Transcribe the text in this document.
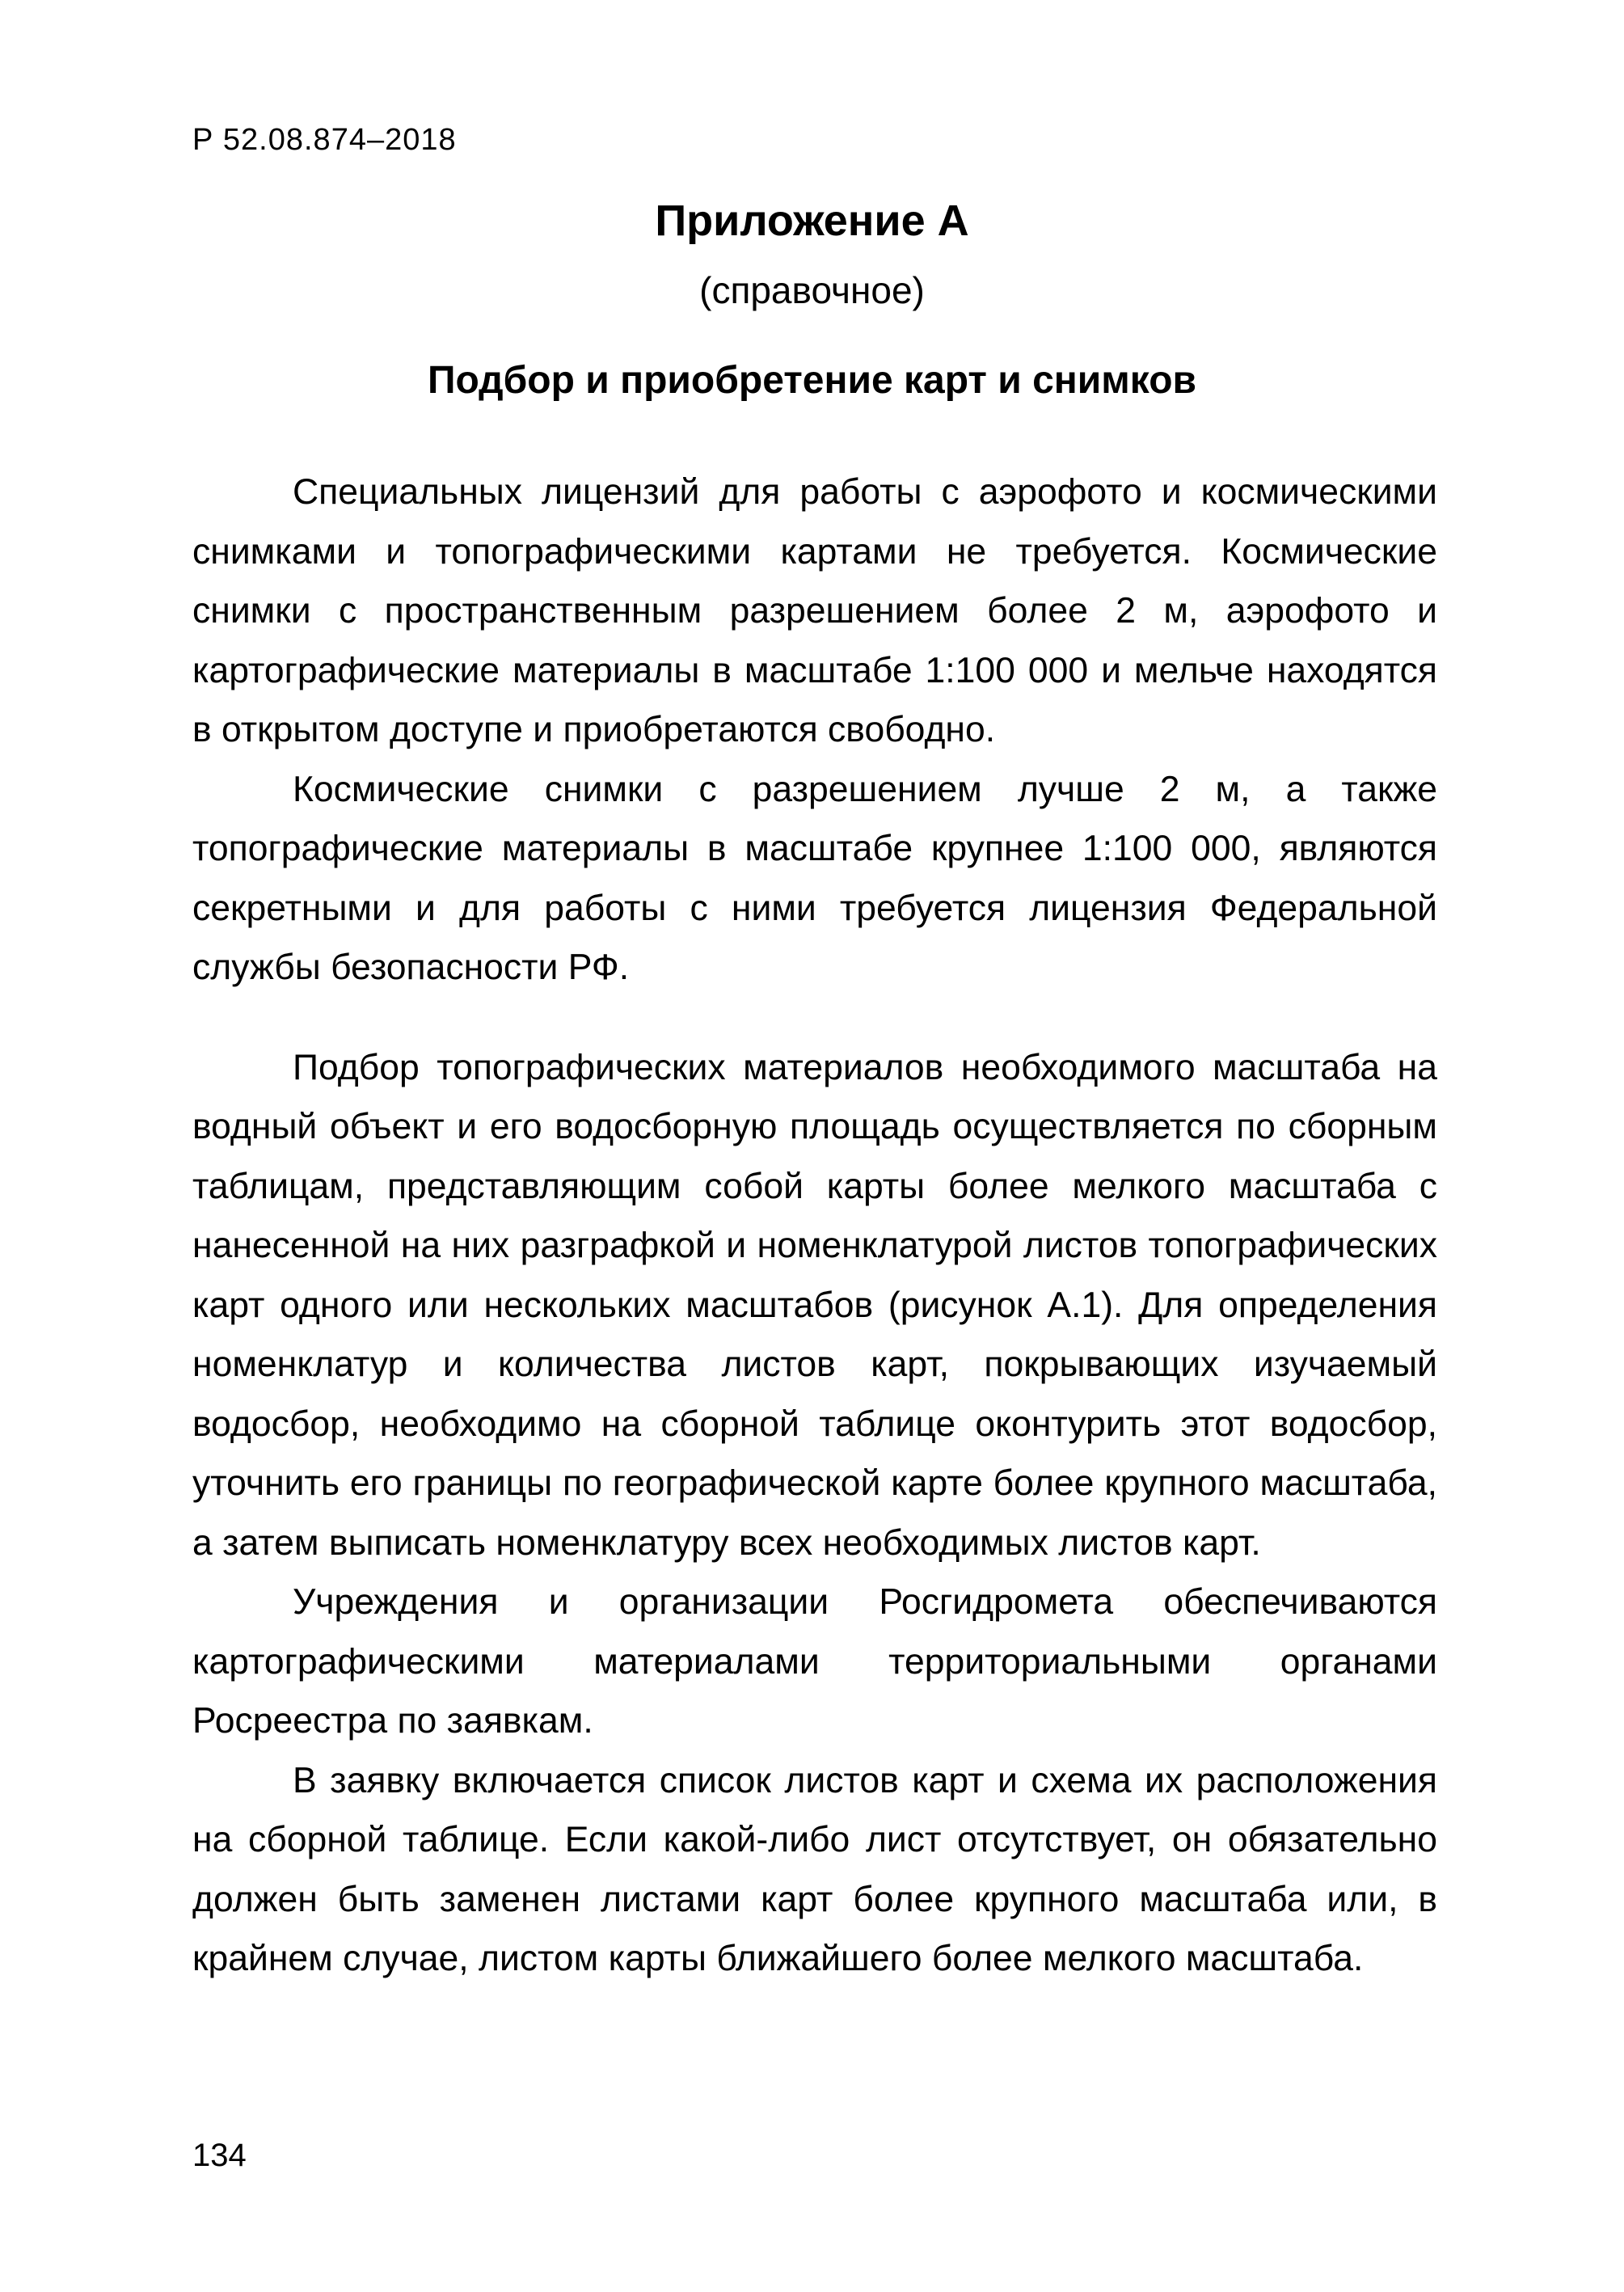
Р 52.08.874–2018
Приложение А
(справочное)
Подбор и приобретение карт и снимков

Специальных лицензий для работы с аэрофото и космическими снимками и топографическими картами не требуется. Космические снимки с пространственным разрешением более 2 м, аэрофото и картографические материалы в масштабе 1:100 000 и мельче находятся в открытом доступе и приобретаются свободно.

Космические снимки с разрешением лучше 2 м, а также топографические материалы в масштабе крупнее 1:100 000, являются секретными и для работы с ними требуется лицензия Федеральной службы безопасности РФ.

Подбор топографических материалов необходимого масштаба на водный объект и его водосборную площадь осуществляется по сборным таблицам, представляющим собой карты более мелкого масштаба с нанесенной на них разграфкой и номенклатурой листов топографических карт одного или нескольких масштабов (рисунок А.1). Для определения номенклатур и количества листов карт, покрывающих изучаемый водосбор, необходимо на сборной таблице оконтурить этот водосбор, уточнить его границы по географической карте более крупного масштаба, а затем выписать номенклатуру всех необходимых листов карт.

Учреждения и организации Росгидромета обеспечиваются картографическими материалами территориальными органами Росреестра по заявкам.

В заявку включается список листов карт и схема их расположения на сборной таблице. Если какой-либо лист отсутствует, он обязательно должен быть заменен листами карт более крупного масштаба или, в крайнем случае, листом карты ближайшего более мелкого масштаба.

134
